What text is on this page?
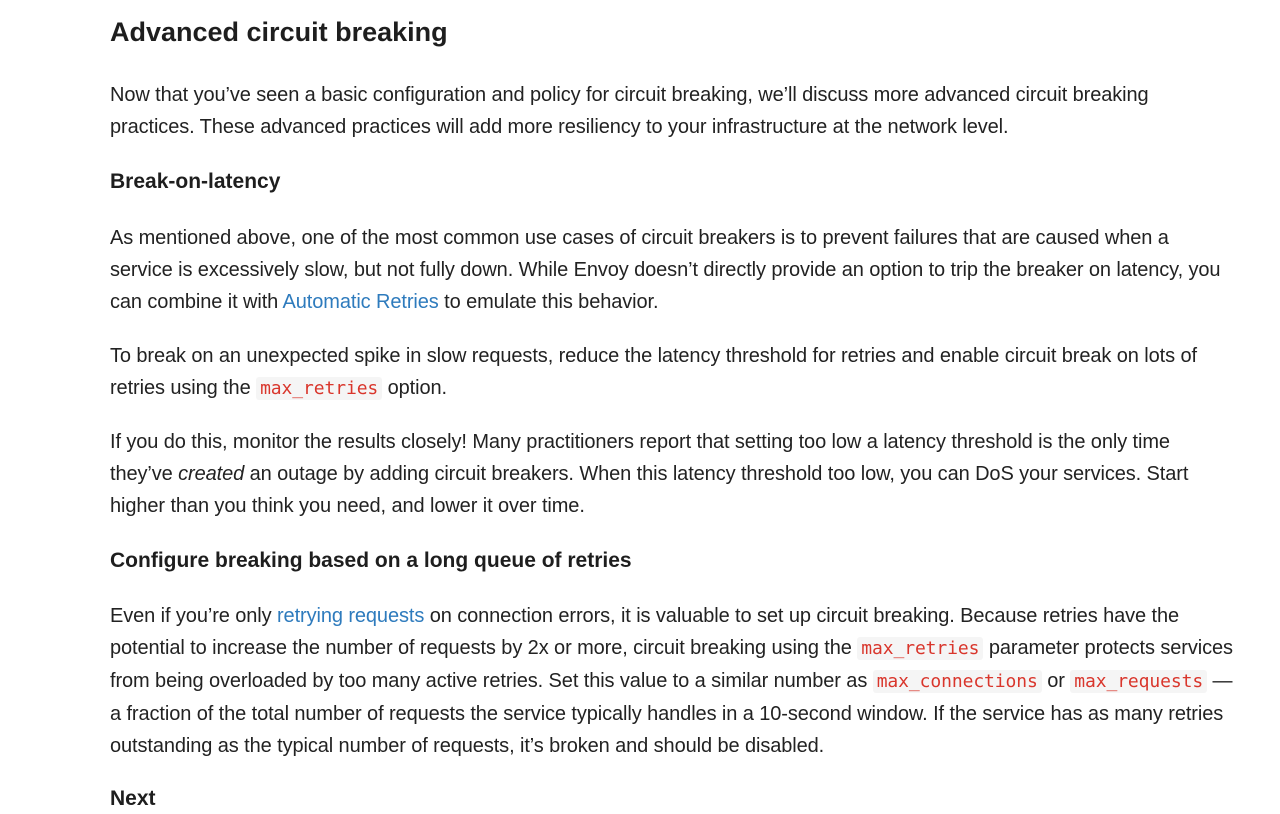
Advanced circuit breaking

Now that you’ve seen a basic configuration and policy for circuit breaking, we’ll discuss more advanced circuit breaking practices. These advanced practices will add more resiliency to your infrastructure at the network level.

Break-on-latency

As mentioned above, one of the most common use cases of circuit breakers is to prevent failures that are caused when a service is excessively slow, but not fully down. While Envoy doesn’t directly provide an option to trip the breaker on latency, you can combine it with Automatic Retries to emulate this behavior.

To break on an unexpected spike in slow requests, reduce the latency threshold for retries and enable circuit break on lots of retries using the max_retries option.

If you do this, monitor the results closely! Many practitioners report that setting too low a latency threshold is the only time they’ve created an outage by adding circuit breakers. When this latency threshold too low, you can DoS your services. Start higher than you think you need, and lower it over time.

Configure breaking based on a long queue of retries

Even if you’re only retrying requests on connection errors, it is valuable to set up circuit breaking. Because retries have the potential to increase the number of requests by 2x or more, circuit breaking using the max_retries parameter protects services from being overloaded by too many active retries. Set this value to a similar number as max_connections or max_requests —a fraction of the total number of requests the service typically handles in a 10-second window. If the service has as many retries outstanding as the typical number of requests, it’s broken and should be disabled.

Next
